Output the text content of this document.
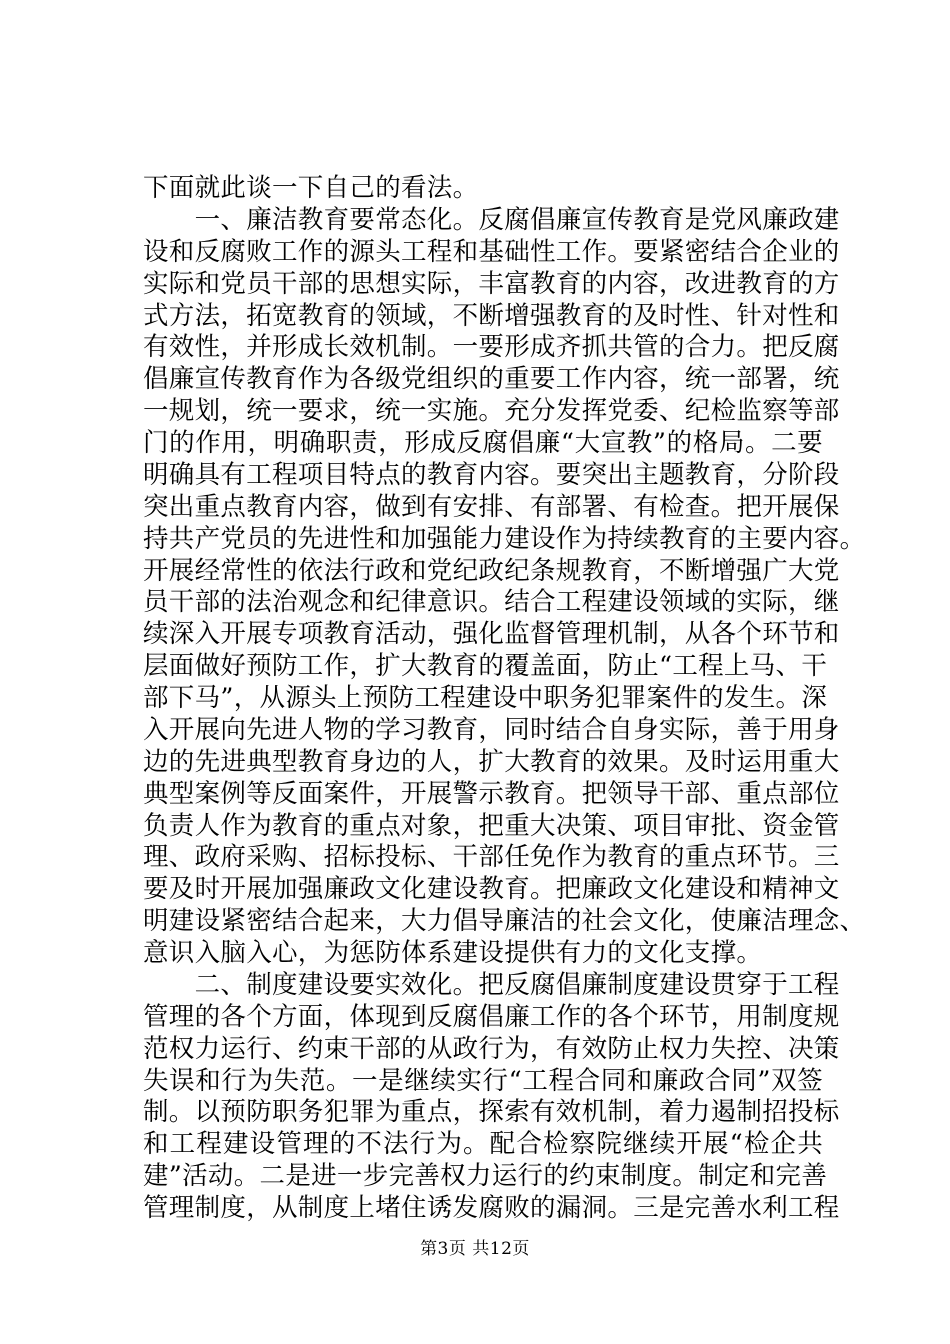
下面就此谈一下自己的看法。
　　一、廉洁教育要常态化。反腐倡廉宣传教育是党风廉政建
设和反腐败工作的源头工程和基础性工作。要紧密结合企业的
实际和党员干部的思想实际，丰富教育的内容，改进教育的方
式方法，拓宽教育的领域，不断增强教育的及时性、针对性和
有效性，并形成长效机制。一要形成齐抓共管的合力。把反腐
倡廉宣传教育作为各级党组织的重要工作内容，统一部署，统
一规划，统一要求，统一实施。充分发挥党委、纪检监察等部
门的作用，明确职责，形成反腐倡廉“大宣教”的格局。二要
明确具有工程项目特点的教育内容。要突出主题教育，分阶段
突出重点教育内容，做到有安排、有部署、有检查。把开展保
持共产党员的先进性和加强能力建设作为持续教育的主要内容。
开展经常性的依法行政和党纪政纪条规教育，不断增强广大党
员干部的法治观念和纪律意识。结合工程建设领域的实际，继
续深入开展专项教育活动，强化监督管理机制，从各个环节和
层面做好预防工作，扩大教育的覆盖面，防止“工程上马、干
部下马”，从源头上预防工程建设中职务犯罪案件的发生。深
入开展向先进人物的学习教育，同时结合自身实际，善于用身
边的先进典型教育身边的人，扩大教育的效果。及时运用重大
典型案例等反面案件，开展警示教育。把领导干部、重点部位
负责人作为教育的重点对象，把重大决策、项目审批、资金管
理、政府采购、招标投标、干部任免作为教育的重点环节。三
要及时开展加强廉政文化建设教育。把廉政文化建设和精神文
明建设紧密结合起来，大力倡导廉洁的社会文化，使廉洁理念、
意识入脑入心，为惩防体系建设提供有力的文化支撑。
　　二、制度建设要实效化。把反腐倡廉制度建设贯穿于工程
管理的各个方面，体现到反腐倡廉工作的各个环节，用制度规
范权力运行、约束干部的从政行为，有效防止权力失控、决策
失误和行为失范。一是继续实行“工程合同和廉政合同”双签
制。以预防职务犯罪为重点，探索有效机制，着力遏制招投标
和工程建设管理的不法行为。配合检察院继续开展“检企共
建”活动。二是进一步完善权力运行的约束制度。制定和完善
管理制度，从制度上堵住诱发腐败的漏洞。三是完善水利工程
第3页 共12页
